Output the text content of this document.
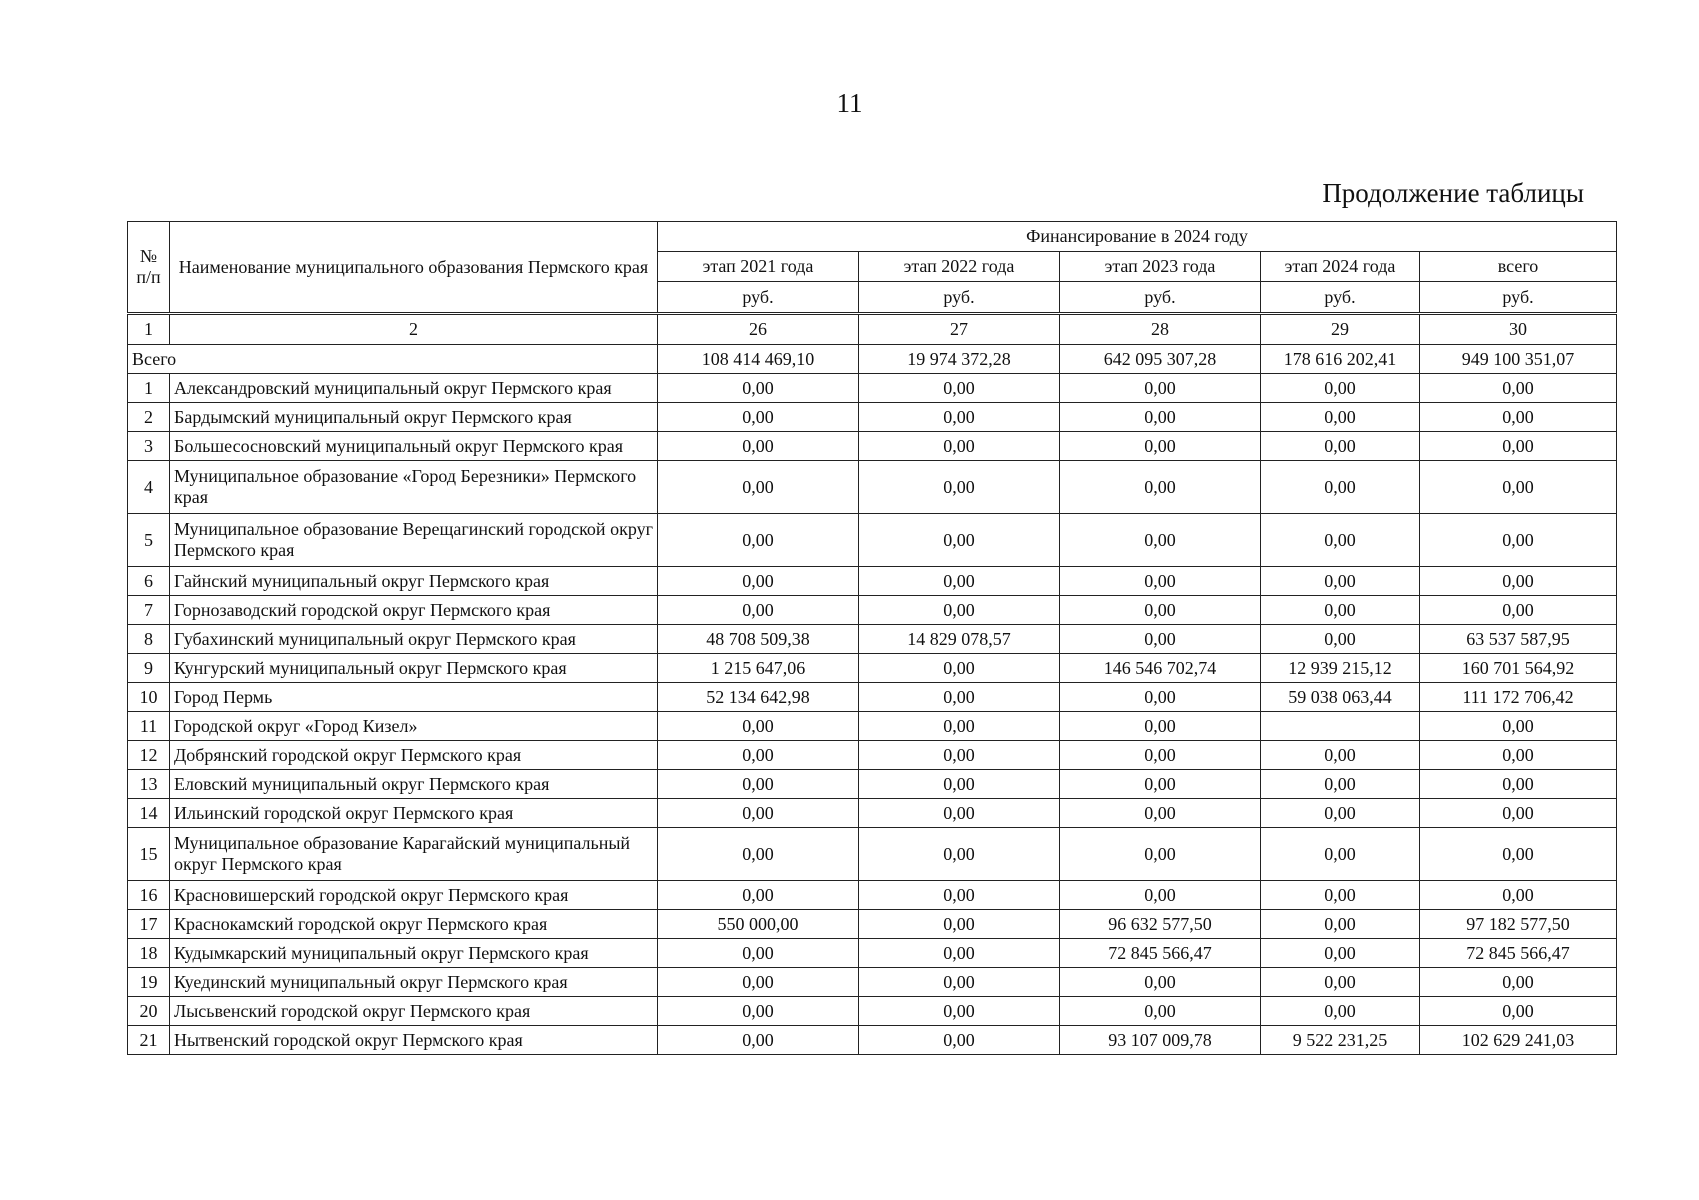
11
Продолжение таблицы
№ п/п	Наименование муниципального образования Пермского края	Финансирование в 2024 году				
		этап 2021 года	этап 2022 года	этап 2023 года	этап 2024 года	всего
		руб.	руб.	руб.	руб.	руб.
1	2	26	27	28	29	30
Всего		108 414 469,10	19 974 372,28	642 095 307,28	178 616 202,41	949 100 351,07
1	Александровский муниципальный округ Пермского края	0,00	0,00	0,00	0,00	0,00
2	Бардымский муниципальный округ Пермского края	0,00	0,00	0,00	0,00	0,00
3	Большесосновский муниципальный округ Пермского края	0,00	0,00	0,00	0,00	0,00
4	Муниципальное образование «Город Березники» Пермского края	0,00	0,00	0,00	0,00	0,00
5	Муниципальное образование Верещагинский городской округ Пермского края	0,00	0,00	0,00	0,00	0,00
6	Гайнский муниципальный округ Пермского края	0,00	0,00	0,00	0,00	0,00
7	Горнозаводский городской округ Пермского края	0,00	0,00	0,00	0,00	0,00
8	Губахинский муниципальный округ Пермского края	48 708 509,38	14 829 078,57	0,00	0,00	63 537 587,95
9	Кунгурский муниципальный округ Пермского края	1 215 647,06	0,00	146 546 702,74	12 939 215,12	160 701 564,92
10	Город Пермь	52 134 642,98	0,00	0,00	59 038 063,44	111 172 706,42
11	Городской округ «Город Кизел»	0,00	0,00	0,00		0,00
12	Добрянский городской округ Пермского края	0,00	0,00	0,00	0,00	0,00
13	Еловский муниципальный округ Пермского края	0,00	0,00	0,00	0,00	0,00
14	Ильинский городской округ Пермского края	0,00	0,00	0,00	0,00	0,00
15	Муниципальное образование Карагайский муниципальный округ Пермского края	0,00	0,00	0,00	0,00	0,00
16	Красновишерский городской округ Пермского края	0,00	0,00	0,00	0,00	0,00
17	Краснокамский городской округ Пермского края	550 000,00	0,00	96 632 577,50	0,00	97 182 577,50
18	Кудымкарский муниципальный округ Пермского края	0,00	0,00	72 845 566,47	0,00	72 845 566,47
19	Куединский муниципальный округ Пермского края	0,00	0,00	0,00	0,00	0,00
20	Лысьвенский городской округ Пермского края	0,00	0,00	0,00	0,00	0,00
21	Нытвенский городской округ Пермского края	0,00	0,00	93 107 009,78	9 522 231,25	102 629 241,03
